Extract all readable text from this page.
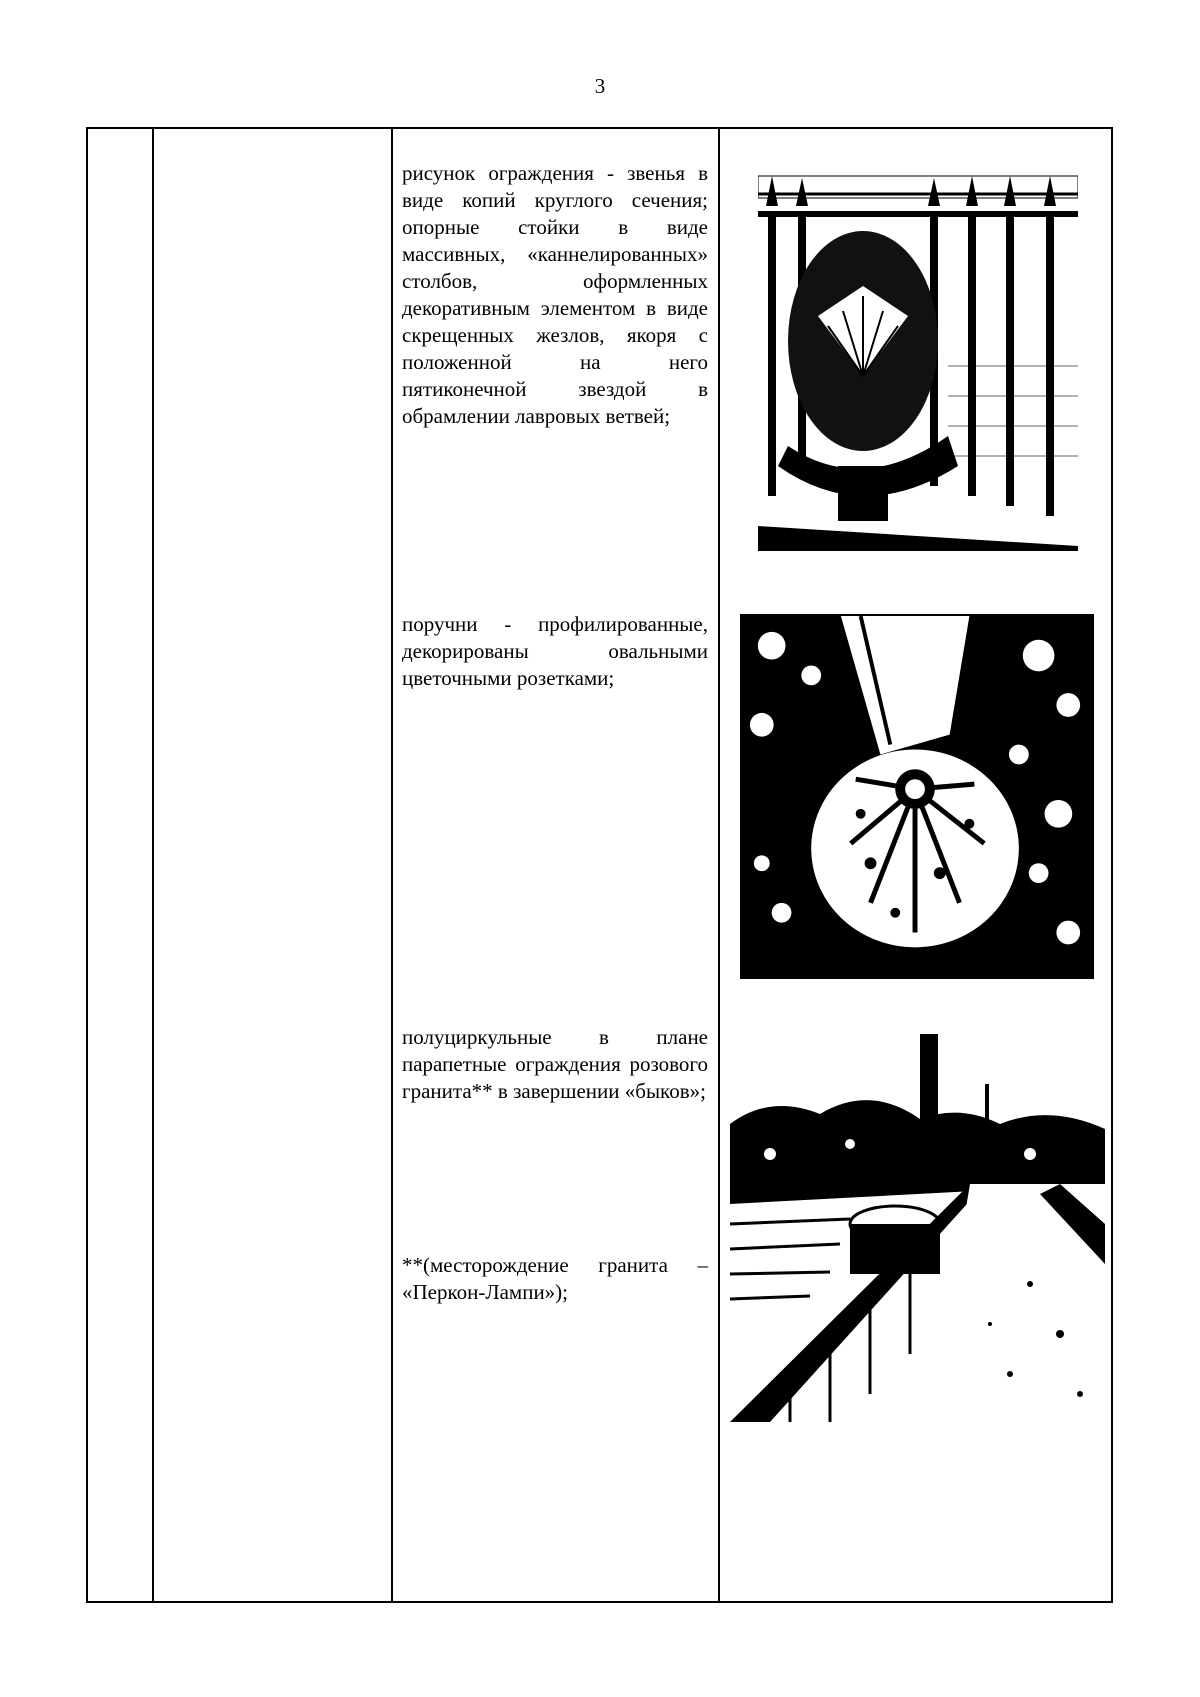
3
рисунок ограждения - звенья в виде копий круглого сечения; опорные стойки в виде массивных, «каннелированных» столбов, оформленных декоративным элементом в виде скрещенных жезлов, якоря с положенной на него пятиконечной звездой в обрамлении лавровых ветвей;
поручни - профилированные, декорированы овальными цветочными розетками;
полуциркульные в плане парапетные ограждения розового гранита** в завершении «быков»;
**(месторождение гранита – «Перкон-Лампи»);
